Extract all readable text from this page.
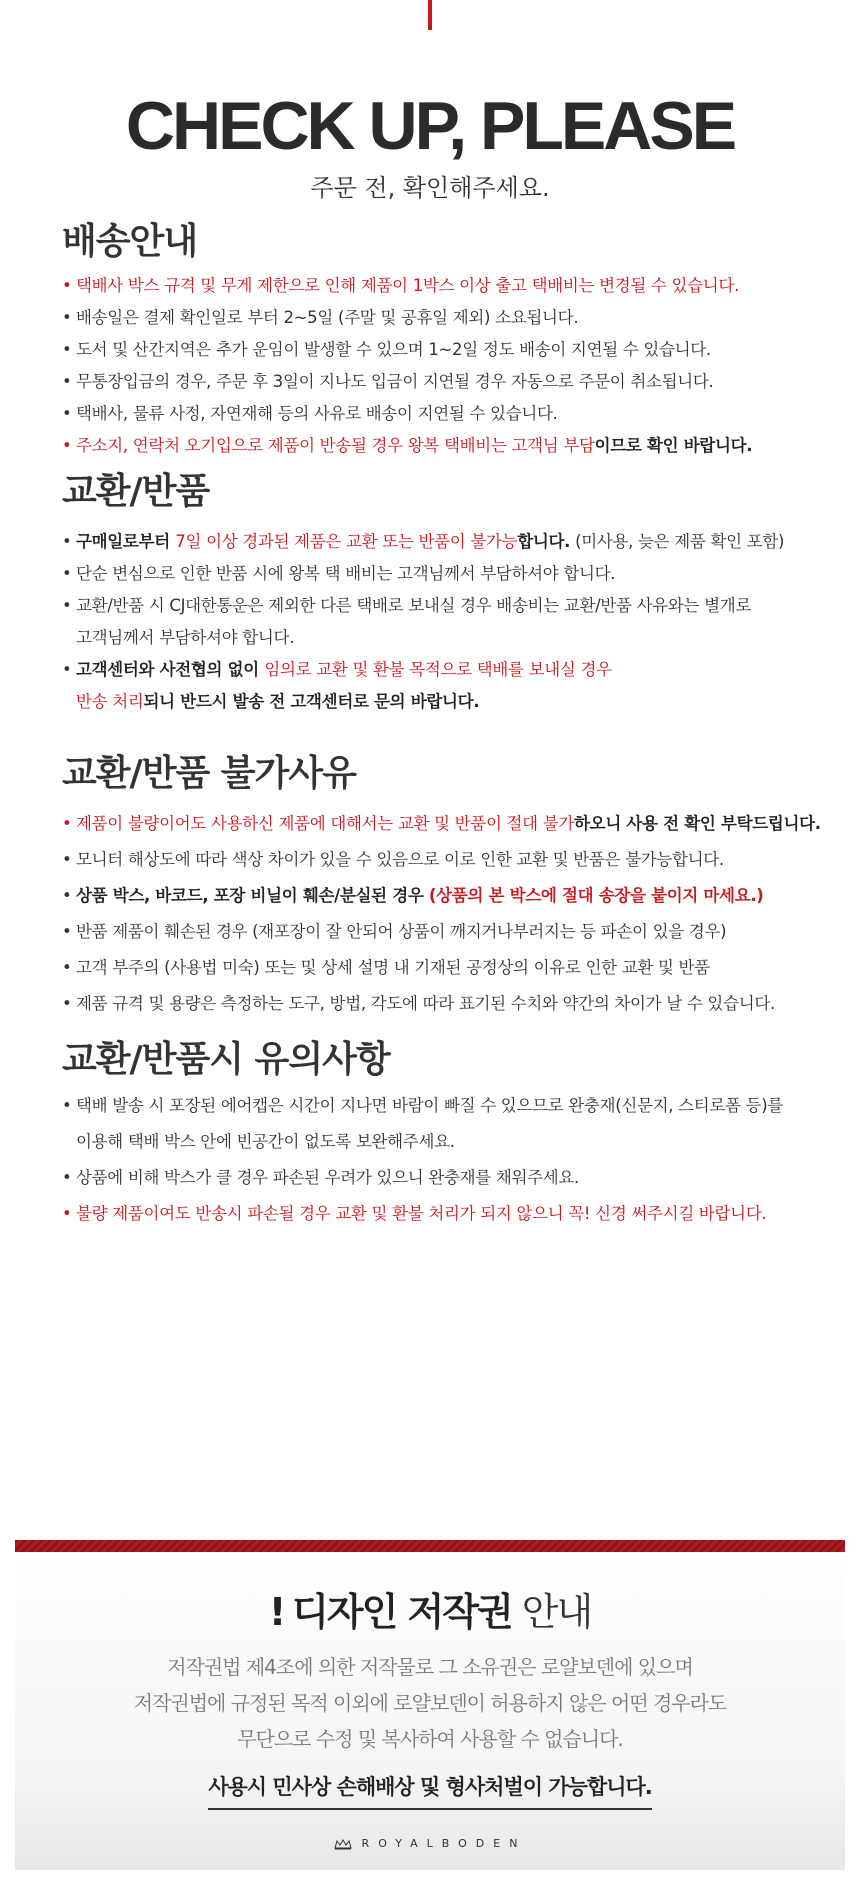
CHECK UP, PLEASE
주문 전, 확인해주세요.
배송안내
• 택배사 박스 규격 및 무게 제한으로 인해 제품이 1박스 이상 출고 택배비는 변경될 수 있습니다.
• 배송일은 결제 확인일로 부터 2~5일 (주말 및 공휴일 제외) 소요됩니다.
• 도서 및 산간지역은 추가 운임이 발생할 수 있으며 1~2일 정도 배송이 지연될 수 있습니다.
• 무통장입금의 경우, 주문 후 3일이 지나도 입금이 지연될 경우 자동으로 주문이 취소됩니다.
• 택배사, 물류 사정, 자연재해 등의 사유로 배송이 지연될 수 있습니다.
• 주소지, 연락처 오기입으로 제품이 반송될 경우 왕복 택배비는 고객님 부담이므로 확인 바랍니다.
교환/반품
• 구매일로부터 7일 이상 경과된 제품은 교환 또는 반품이 불가능합니다. (미사용, 늦은 제품 확인 포함)
• 단순 변심으로 인한 반품 시에 왕복 택 배비는 고객님께서 부담하셔야 합니다.
• 교환/반품 시 CJ대한통운은 제외한 다른 택배로 보내실 경우 배송비는 교환/반품 사유와는 별개로
고객님께서 부담하셔야 합니다.
• 고객센터와 사전협의 없이 임의로 교환 및 환불 목적으로 택배를 보내실 경우
반송 처리되니 반드시 발송 전 고객센터로 문의 바랍니다.
교환/반품 불가사유
• 제품이 불량이어도 사용하신 제품에 대해서는 교환 및 반품이 절대 불가하오니 사용 전 확인 부탁드립니다.
• 모니터 해상도에 따라 색상 차이가 있을 수 있음으로 이로 인한 교환 및 반품은 불가능합니다.
• 상품 박스, 바코드, 포장 비닐이 훼손/분실된 경우 (상품의 본 박스에 절대 송장을 붙이지 마세요.)
• 반품 제품이 훼손된 경우 (재포장이 잘 안되어 상품이 깨지거나부러지는 등 파손이 있을 경우)
• 고객 부주의 (사용법 미숙) 또는 및 상세 설명 내 기재된 공정상의 이유로 인한 교환 및 반품
• 제품 규격 및 용량은 측정하는 도구, 방법, 각도에 따라 표기된 수치와 약간의 차이가 날 수 있습니다.
교환/반품시 유의사항
• 택배 발송 시 포장된 에어캡은 시간이 지나면 바람이 빠질 수 있으므로 완충재(신문지, 스티로폼 등)를
이용해 택배 박스 안에 빈공간이 없도록 보완해주세요.
• 상품에 비해 박스가 클 경우 파손된 우려가 있으니 완충재를 채워주세요.
• 불량 제품이여도 반송시 파손될 경우 교환 및 환불 처리가 되지 않으니 꼭! 신경 써주시길 바랍니다.
! 디자인 저작권 안내
저작권법 제4조에 의한 저작물로 그 소유권은 로얄보덴에 있으며
저작권법에 규정된 목적 이외에 로얄보덴이 허용하지 않은 어떤 경우라도
무단으로 수정 및 복사하여 사용할 수 없습니다.
사용시 민사상 손해배상 및 형사처벌이 가능합니다.
ROYALBODEN
